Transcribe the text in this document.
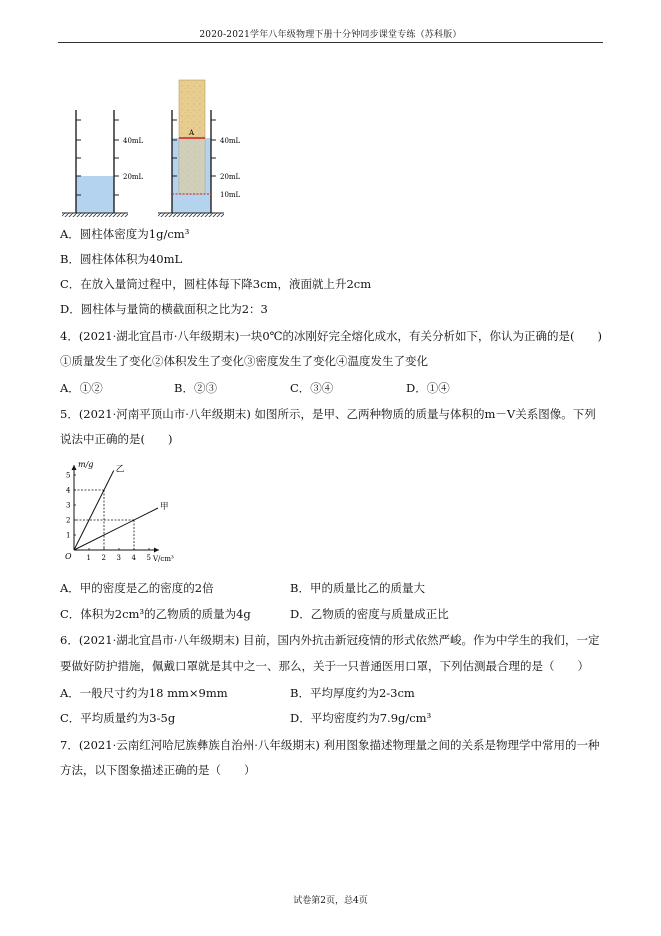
2020-2021学年八年级物理下册十分钟同步课堂专练（苏科版）
40mL
20mL
A
40mL
20mL
10mL
A．圆柱体密度为1g/cm³
B．圆柱体体积为40mL
C．在放入量筒过程中，圆柱体每下降3cm，液面就上升2cm
D．圆柱体与量筒的横截面积之比为2：3
4．(2021·湖北宜昌市·八年级期末)一块0℃的冰刚好完全熔化成水，有关分析如下，你认为正确的是(　　)
①质量发生了变化②体积发生了变化③密度发生了变化④温度发生了变化
A．①②	B．②③	C．③④	D．①④
5．(2021·河南平顶山市·八年级期末) 如图所示，是甲、乙两种物质的质量与体积的m－V关系图像。下列
说法中正确的是(　　)
m/g
V/cm³
O 1 2 3 4 5
1
2
3
4
5
乙
甲
A．甲的密度是乙的密度的2倍	B．甲的质量比乙的质量大
C．体积为2cm³的乙物质的质量为4g	D．乙物质的密度与质量成正比
6．(2021·湖北宜昌市·八年级期末) 目前，国内外抗击新冠疫情的形式依然严峻。作为中学生的我们，一定
要做好防护措施，佩戴口罩就是其中之一、那么，关于一只普通医用口罩，下列估测最合理的是（　　）
A．一般尺寸约为18 mm×9mm	B．平均厚度约为2-3cm
C．平均质量约为3-5g	D．平均密度约为7.9g/cm³
7．(2021·云南红河哈尼族彝族自治州·八年级期末) 利用图象描述物理量之间的关系是物理学中常用的一种
方法，以下图象描述正确的是（　　）
试卷第2页，总4页
